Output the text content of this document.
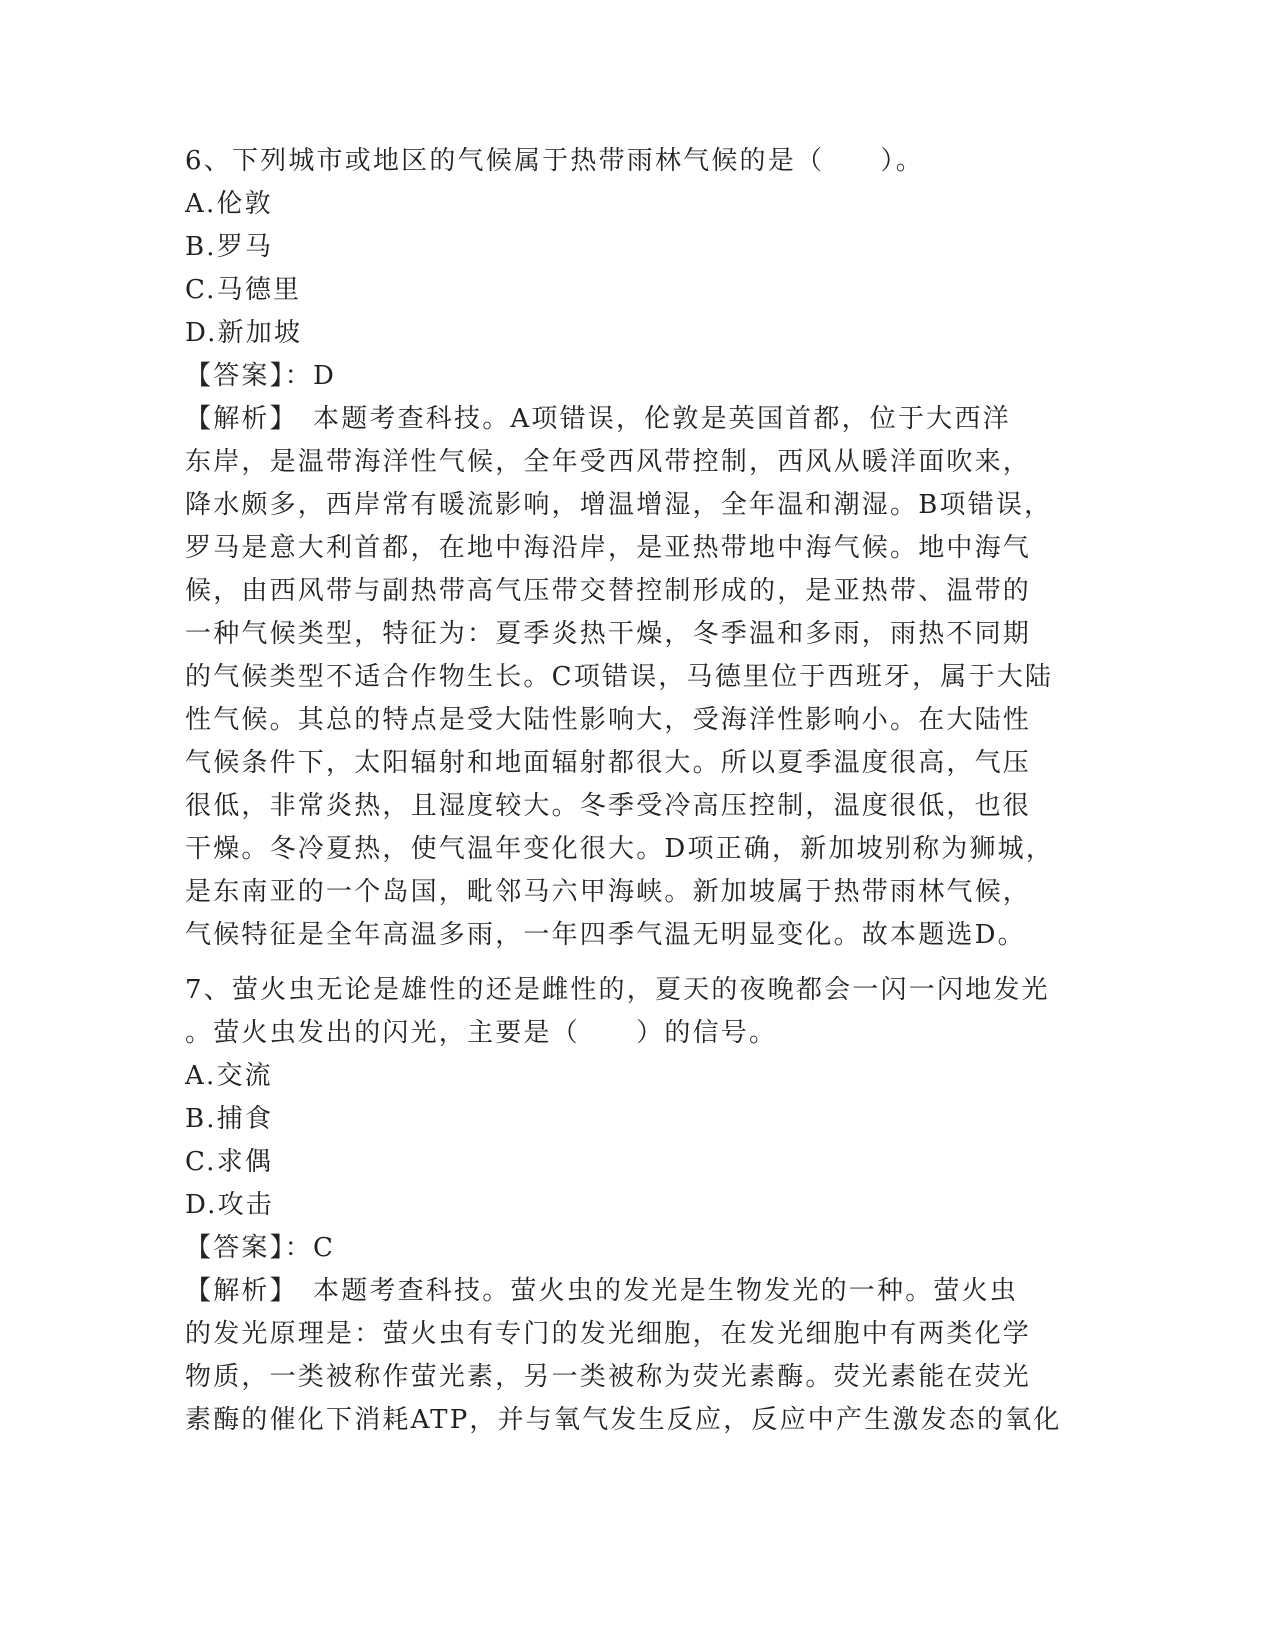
6、下列城市或地区的气候属于热带雨林气候的是（　　）。
A.伦敦
B.罗马
C.马德里
D.新加坡
【答案】：D
【解析】　本题考查科技。A项错误，伦敦是英国首都，位于大西洋
东岸，是温带海洋性气候，全年受西风带控制，西风从暖洋面吹来，
降水颇多，西岸常有暖流影响，增温增湿，全年温和潮湿。B项错误，
罗马是意大利首都，在地中海沿岸，是亚热带地中海气候。地中海气
候，由西风带与副热带高气压带交替控制形成的，是亚热带、温带的
一种气候类型，特征为：夏季炎热干燥，冬季温和多雨，雨热不同期
的气候类型不适合作物生长。C项错误，马德里位于西班牙，属于大陆
性气候。其总的特点是受大陆性影响大，受海洋性影响小。在大陆性
气候条件下，太阳辐射和地面辐射都很大。所以夏季温度很高，气压
很低，非常炎热，且湿度较大。冬季受冷高压控制，温度很低，也很
干燥。冬冷夏热，使气温年变化很大。D项正确，新加坡别称为狮城，
是东南亚的一个岛国，毗邻马六甲海峡。新加坡属于热带雨林气候，
气候特征是全年高温多雨，一年四季气温无明显变化。故本题选D。
7、萤火虫无论是雄性的还是雌性的，夏天的夜晚都会一闪一闪地发光
。萤火虫发出的闪光，主要是（　　）的信号。
A.交流
B.捕食
C.求偶
D.攻击
【答案】：C
【解析】　本题考查科技。萤火虫的发光是生物发光的一种。萤火虫
的发光原理是：萤火虫有专门的发光细胞，在发光细胞中有两类化学
物质，一类被称作萤光素，另一类被称为荧光素酶。荧光素能在荧光
素酶的催化下消耗ATP，并与氧气发生反应，反应中产生激发态的氧化
